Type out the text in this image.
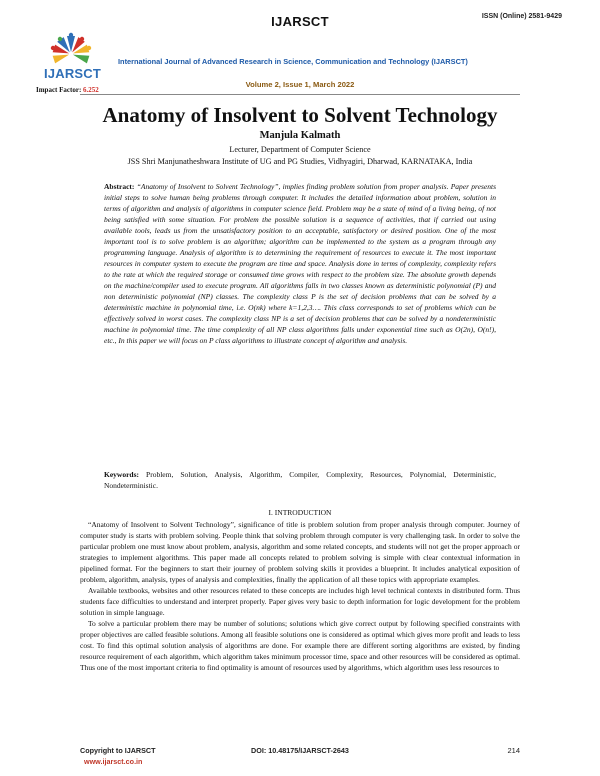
IJARSCT	ISSN (Online) 2581-9429
IJARSCT
Impact Factor: 6.252
International Journal of Advanced Research in Science, Communication and Technology (IJARSCT)
Volume 2, Issue 1, March 2022
Anatomy of Insolvent to Solvent Technology
Manjula Kalmath
Lecturer, Department of Computer Science
JSS Shri Manjunatheshwara Institute of UG and PG Studies, Vidhyagiri, Dharwad, KARNATAKA, India
Abstract: “Anatomy of Insolvent to Solvent Technology”, implies finding problem solution from proper analysis. Paper presents initial steps to solve human being problems through computer. It includes the detailed information about problem, solution in terms of algorithm and analysis of algorithms in computer science field. Problem may be a state of mind of a living being, of not being satisfied with some situation. For problem the possible solution is a sequence of activities, that if carried out using available tools, leads us from the unsatisfactory position to an acceptable, satisfactory or desired position. One of the most important tool is to solve problem is an algorithm; algorithm can be implemented to the system as a program through any programming language. Analysis of algorithm is to determining the requirement of resources to execute it. The most important resources in computer system to execute the program are time and space. Analysis done in terms of complexity, complexity refers to the rate at which the required storage or consumed time grows with respect to the problem size. The absolute growth depends on the machine/compiler used to execute program. All algorithms falls in two classes known as deterministic polynomial (P) and non deterministic polynomial (NP) classes. The complexity class P is the set of decision problems that can be solved by a deterministic machine in polynomial time, i.e. O(nk) where k=1,2,3…. This class corresponds to set of problems which can be effectively solved in worst cases. The complexity class NP is a set of decision problems that can be solved by a nondeterministic machine in polynomial time. The time complexity of all NP class algorithms falls under exponential time such as O(2n), O(n!), etc., In this paper we will focus on P class algorithms to illustrate concept of algorithm and analysis.
Keywords: Problem, Solution, Analysis, Algorithm, Compiler, Complexity, Resources, Polynomial, Deterministic, Nondeterministic.
I. INTRODUCTION

“Anatomy of Insolvent to Solvent Technology”, significance of title is problem solution from proper analysis through computer. Journey of computer study is starts with problem solving. People think that solving problem through computer is very challenging task. In order to solve the particular problem one must know about problem, analysis, algorithm and some related concepts, and students will not get the proper approach or strategies to implement algorithms. This paper made all concepts related to problem solving is simple with clear contextual information in pipelined format. For the beginners to start their journey of problem solving skills it provides a blueprint. It includes analytical exposition of problem, algorithm, analysis, types of analysis and complexities, finally the application of all these topics with appropriate examples.

Available textbooks, websites and other resources related to these concepts are includes high level technical contexts in distributed form. Thus students face difficulties to understand and interpret properly. Paper gives very basic to depth information for logic development for the problem solution in simple language.

To solve a particular problem there may be number of solutions; solutions which give correct output by following specified constraints with proper objectives are called feasible solutions. Among all feasible solutions one is considered as optimal which gives more profit and leads to less cost. To find this optimal solution analysis of algorithms are done. For example there are different sorting algorithms are existed, by finding resource requirement of each algorithm, which algorithm takes minimum processor time, space and other resources will be considered as optimal. Thus one of the most important criteria to find optimality is amount of resources used by algorithms, which algorithm uses less resources to

Copyright to IJARSCT
www.ijarsct.co.in
DOI: 10.48175/IJARSCT-2643	214
